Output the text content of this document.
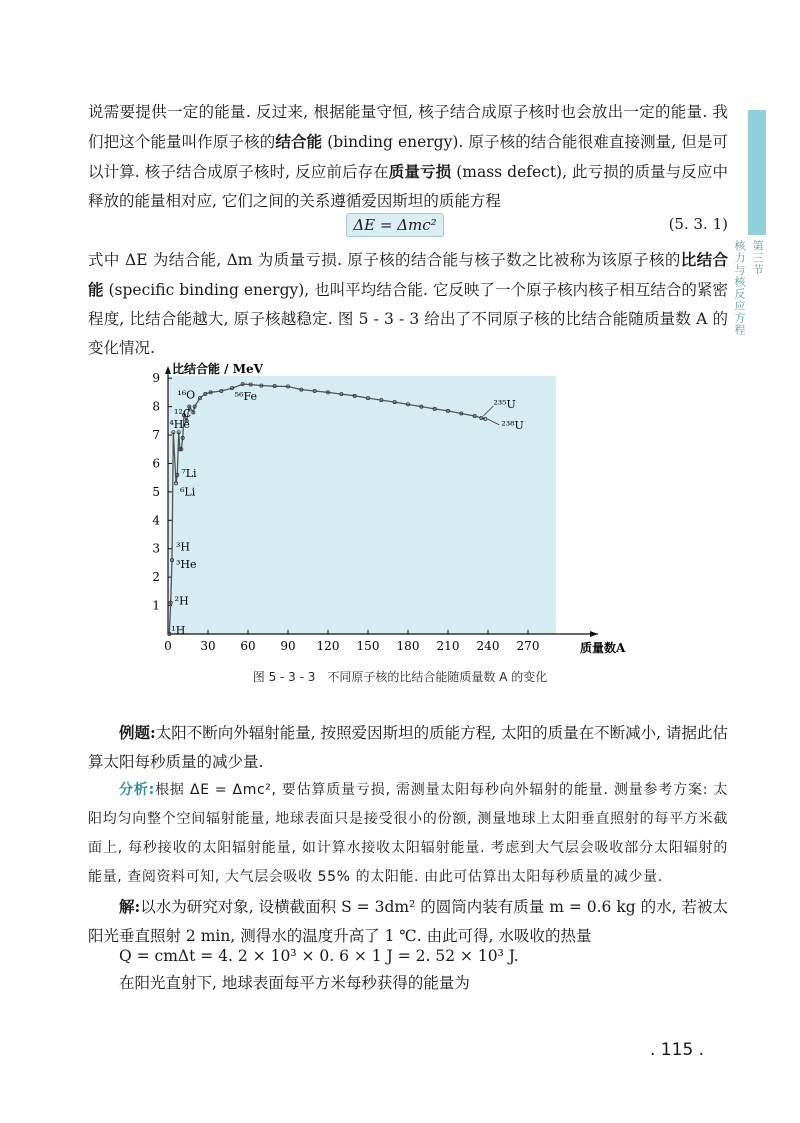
第三节
核力与核反应方程

说需要提供一定的能量. 反过来, 根据能量守恒, 核子结合成原子核时也会放出一定的能量. 我们把这个能量叫作原子核的结合能 (binding energy). 原子核的结合能很难直接测量, 但是可以计算. 核子结合成原子核时, 反应前后存在质量亏损 (mass defect), 此亏损的质量与反应中释放的能量相对应, 它们之间的关系遵循爱因斯坦的质能方程

ΔE = Δmc²	(5. 3. 1)

式中 ΔE 为结合能, Δm 为质量亏损. 原子核的结合能与核子数之比被称为该原子核的比结合能 (specific binding energy), 也叫平均结合能. 它反映了一个原子核内核子相互结合的紧密程度, 比结合能越大, 原子核越稳定. 图 5 - 3 - 3 给出了不同原子核的比结合能随质量数 A 的变化情况.

0 30 60 90 120 150 180 210 240 270
1
2
3
4
5
6
7
8
9
¹H
²H
³He
³H
⁶Li
⁷Li
⁴He
¹²C
¹⁶O	⁵⁶Fe
²³⁵U
²³⁸U
比结合能 / MeV
质量数A
图 5 - 3 - 3　不同原子核的比结合能随质量数 A 的变化

例题:太阳不断向外辐射能量, 按照爱因斯坦的质能方程, 太阳的质量在不断减小, 请据此估算太阳每秒质量的减少量.

分析:根据 ΔE = Δmc², 要估算质量亏损, 需测量太阳每秒向外辐射的能量. 测量参考方案: 太阳均匀向整个空间辐射能量, 地球表面只是接受很小的份额, 测量地球上太阳垂直照射的每平方米截面上, 每秒接收的太阳辐射能量, 如计算水接收太阳辐射能量. 考虑到大气层会吸收部分太阳辐射的能量, 查阅资料可知, 大气层会吸收 55% 的太阳能. 由此可估算出太阳每秒质量的减少量.

解:以水为研究对象, 设横截面积 S = 3dm² 的圆筒内装有质量 m = 0.6 kg 的水, 若被太阳光垂直照射 2 min, 测得水的温度升高了 1 ℃. 由此可得, 水吸收的热量

Q = cmΔt = 4. 2 × 10³ × 0. 6 × 1 J = 2. 52 × 10³ J.

在阳光直射下, 地球表面每平方米每秒获得的能量为

. 115 .
